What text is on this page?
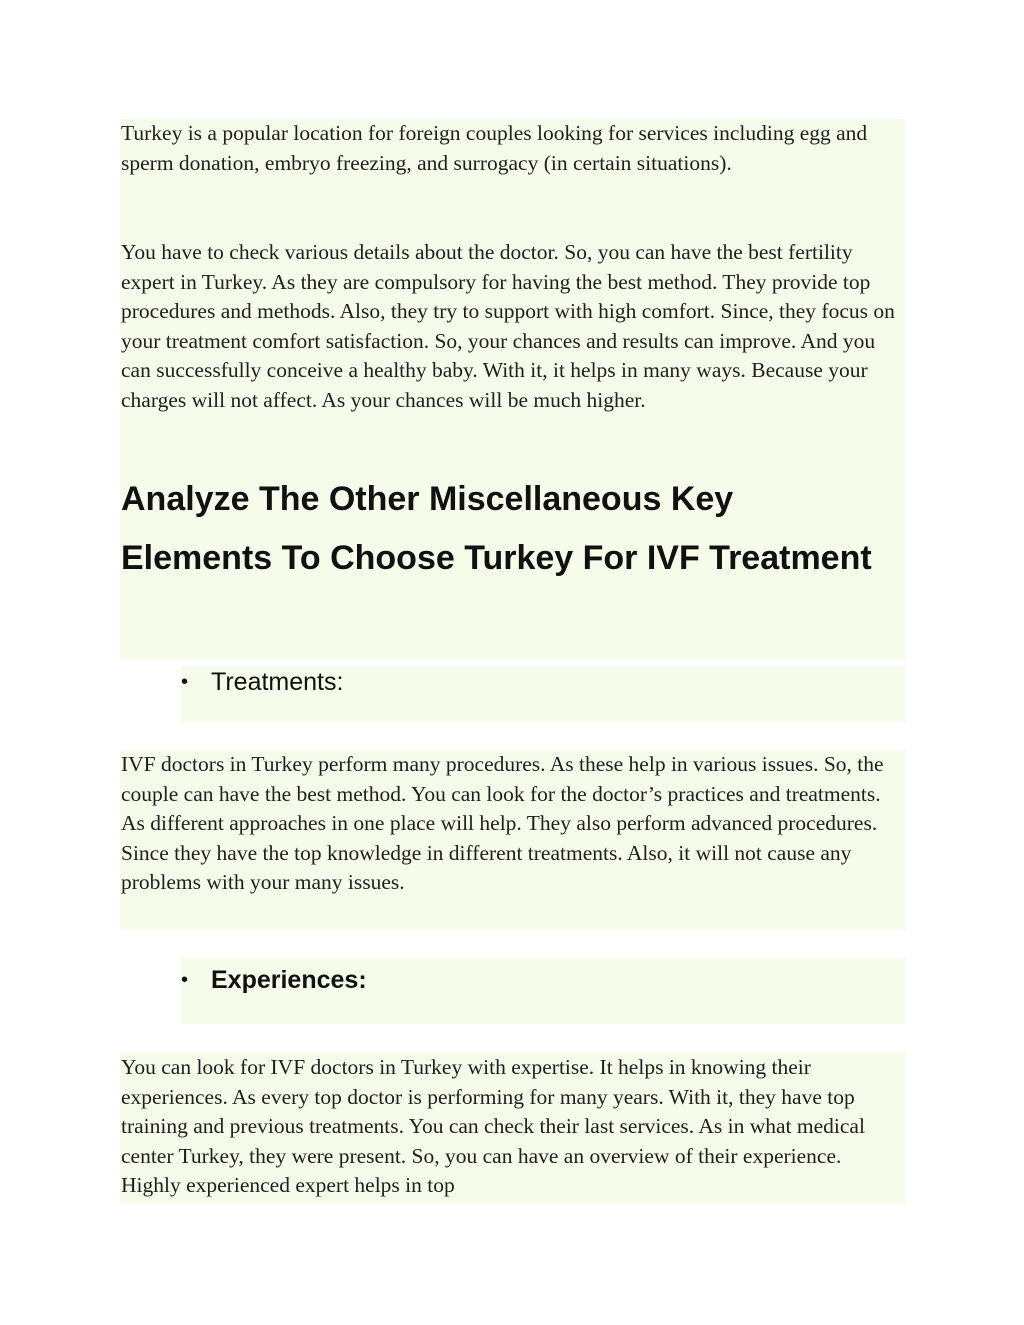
Turkey is a popular location for foreign couples looking for services including egg and sperm donation, embryo freezing, and surrogacy (in certain situations).

You have to check various details about the doctor. So, you can have the best fertility expert in Turkey. As they are compulsory for having the best method. They provide top procedures and methods. Also, they try to support with high comfort. Since, they focus on your treatment comfort satisfaction. So, your chances and results can improve. And you can successfully conceive a healthy baby. With it, it helps in many ways. Because your charges will not affect. As your chances will be much higher.

Analyze The Other Miscellaneous Key Elements To Choose Turkey For IVF Treatment
• Treatments:

IVF doctors in Turkey perform many procedures. As these help in various issues. So, the couple can have the best method. You can look for the doctor’s practices and treatments. As different approaches in one place will help. They also perform advanced procedures. Since they have the top knowledge in different treatments. Also, it will not cause any problems with your many issues.

• Experiences:

You can look for IVF doctors in Turkey with expertise. It helps in knowing their experiences. As every top doctor is performing for many years. With it, they have top training and previous treatments. You can check their last services. As in what medical center Turkey, they were present. So, you can have an overview of their experience. Highly experienced expert helps in top
